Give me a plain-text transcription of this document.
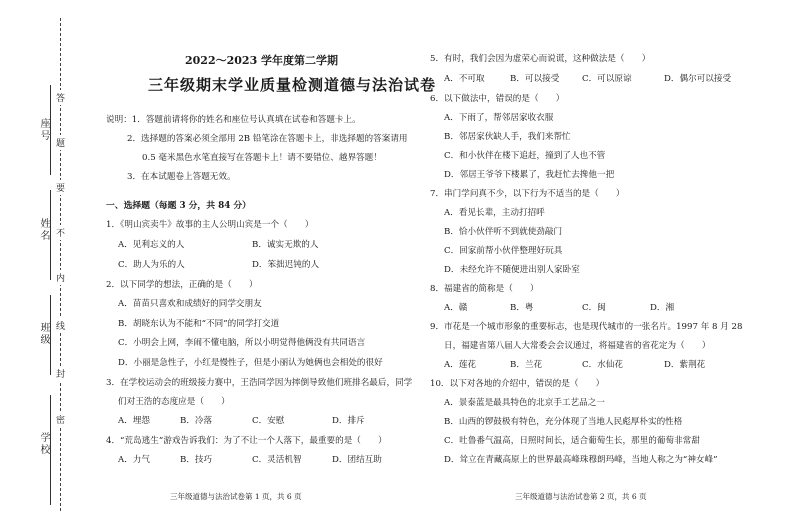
座号
姓名
班级
学校
答
题
要
不
内
线
封
密
2022～2023 学年度第二学期
三年级期末学业质量检测道德与法治试卷
说明：1．答题前请将你的姓名和座位号认真填在试卷和答题卡上。
2．选择题的答案必须全部用 2B 铅笔涂在答题卡上，非选择题的答案请用
0.5 毫米黑色水笔直接写在答题卡上！请不要错位、越界答题！
3．在本试题卷上答题无效。
一、选择题（每题 3 分，共 84 分）
1．《明山宾卖牛》故事的主人公明山宾是一个（　　）
A．见利忘义的人	B．诚实无欺的人
C．助人为乐的人	D．笨拙迟钝的人
2．以下同学的想法，正确的是（　　）
A．苗苗只喜欢和成绩好的同学交朋友
B．胡晓东认为不能和“不同”的同学打交道
C．小明会上网，李闹不懂电脑，所以小明觉得他俩没有共同语言
D．小丽是急性子，小红是慢性子，但是小丽认为她俩也会相处的很好
3．在学校运动会的班级接力赛中，王浩同学因为摔倒导致他们班排名最后，同学
们对王浩的态度应是（　　）
A．埋怨	B．冷落	C．安慰	D．排斥
4．“荒岛逃生”游戏告诉我们：为了不让一个人落下，最重要的是（　　）
A．力气	B．技巧	C．灵活机智	D．团结互助
三年级道德与法治试卷第 1 页，共 6 页
5．有时，我们会因为虚荣心而说谎，这种做法是（　　）
A．不可取	B．可以接受	C．可以原谅	D．偶尔可以接受
6．以下做法中，错误的是（　　）
A．下雨了，帮邻居家收衣服
B．邻居家伙缺人手，我们来帮忙
C．和小伙伴在楼下追赶，撞到了人也不管
D．邻居王爷爷下楼累了，我赶忙去搀他一把
7．串门学问真不少，以下行为不适当的是（　　）
A．看见长辈，主动打招呼
B．恰小伙伴听不到就使劲敲门
C．回家前帮小伙伴整理好玩具
D．未经允许不随便进出别人家卧室
8．福建省的简称是（　　）
A．赣	B．粤	C．闽	D．湘
9．市花是一个城市形象的重要标志，也是现代城市的一张名片。1997 年 8 月 28
日，福建省第八届人大常委会会议通过，将福建省的省花定为（　　）
A．莲花	B．兰花	C．水仙花	D．紫荆花
10．以下对各地的介绍中，错误的是（　　）
A．景泰蓝是最具特色的北京手工艺品之一
B．山西的锣鼓极有特色，充分体现了当地人民彪厚朴实的性格
C．吐鲁番气温高，日照时间长，适合葡萄生长，那里的葡萄非常甜
D．耸立在青藏高原上的世界最高峰珠穆朗玛峰，当地人称之为“神女峰”
三年级道德与法治试卷第 2 页，共 6 页
